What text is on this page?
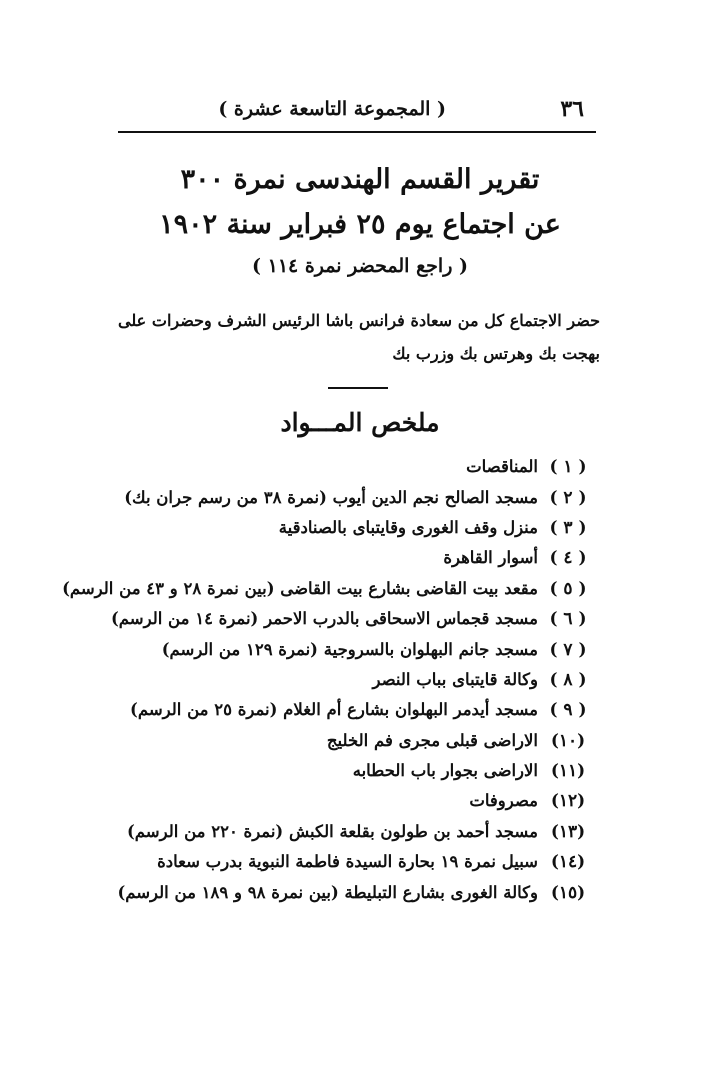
٣٦
( المجموعة التاسعة عشرة )
تقرير القسم الهندسى نمرة ٣٠٠
عن اجتماع يوم ٢٥ فبراير سنة ١٩٠٢
( راجع المحضر نمرة ١١٤ )
حضر الاجتماع كل من سعادة فرانس باشا الرئيس الشرف وحضرات على بهجت بك وهرتس بك وزرب بك
ملخص المـــواد
( ١ )
المناقصات
( ٢ )
مسجد الصالح نجم الدين أيوب (نمرة ٣٨ من رسم جران بك)
( ٣ )
منزل وقف الغورى وقايتباى بالصنادقية
( ٤ )
أسوار القاهرة
( ٥ )
مقعد بيت القاضى بشارع بيت القاضى (بين نمرة ٢٨ و ٤٣ من الرسم)
( ٦ )
مسجد قجماس الاسحاقى بالدرب الاحمر (نمرة ١٤ من الرسم)
( ٧ )
مسجد جانم البهلوان بالسروجية (نمرة ١٢٩ من الرسم)
( ٨ )
وكالة قايتباى بباب النصر
( ٩ )
مسجد أيدمر البهلوان بشارع أم الغلام (نمرة ٢٥ من الرسم)
(١٠)
الاراضى قبلى مجرى فم الخليج
(١١)
الاراضى بجوار باب الحطابه
(١٢)
مصروفات
(١٣)
مسجد أحمد بن طولون بقلعة الكبش (نمرة ٢٢٠ من الرسم)
(١٤)
سبيل نمرة ١٩ بحارة السيدة فاطمة النبوية بدرب سعادة
(١٥)
وكالة الغورى بشارع التبليطة (بين نمرة ٩٨ و ١٨٩ من الرسم)
